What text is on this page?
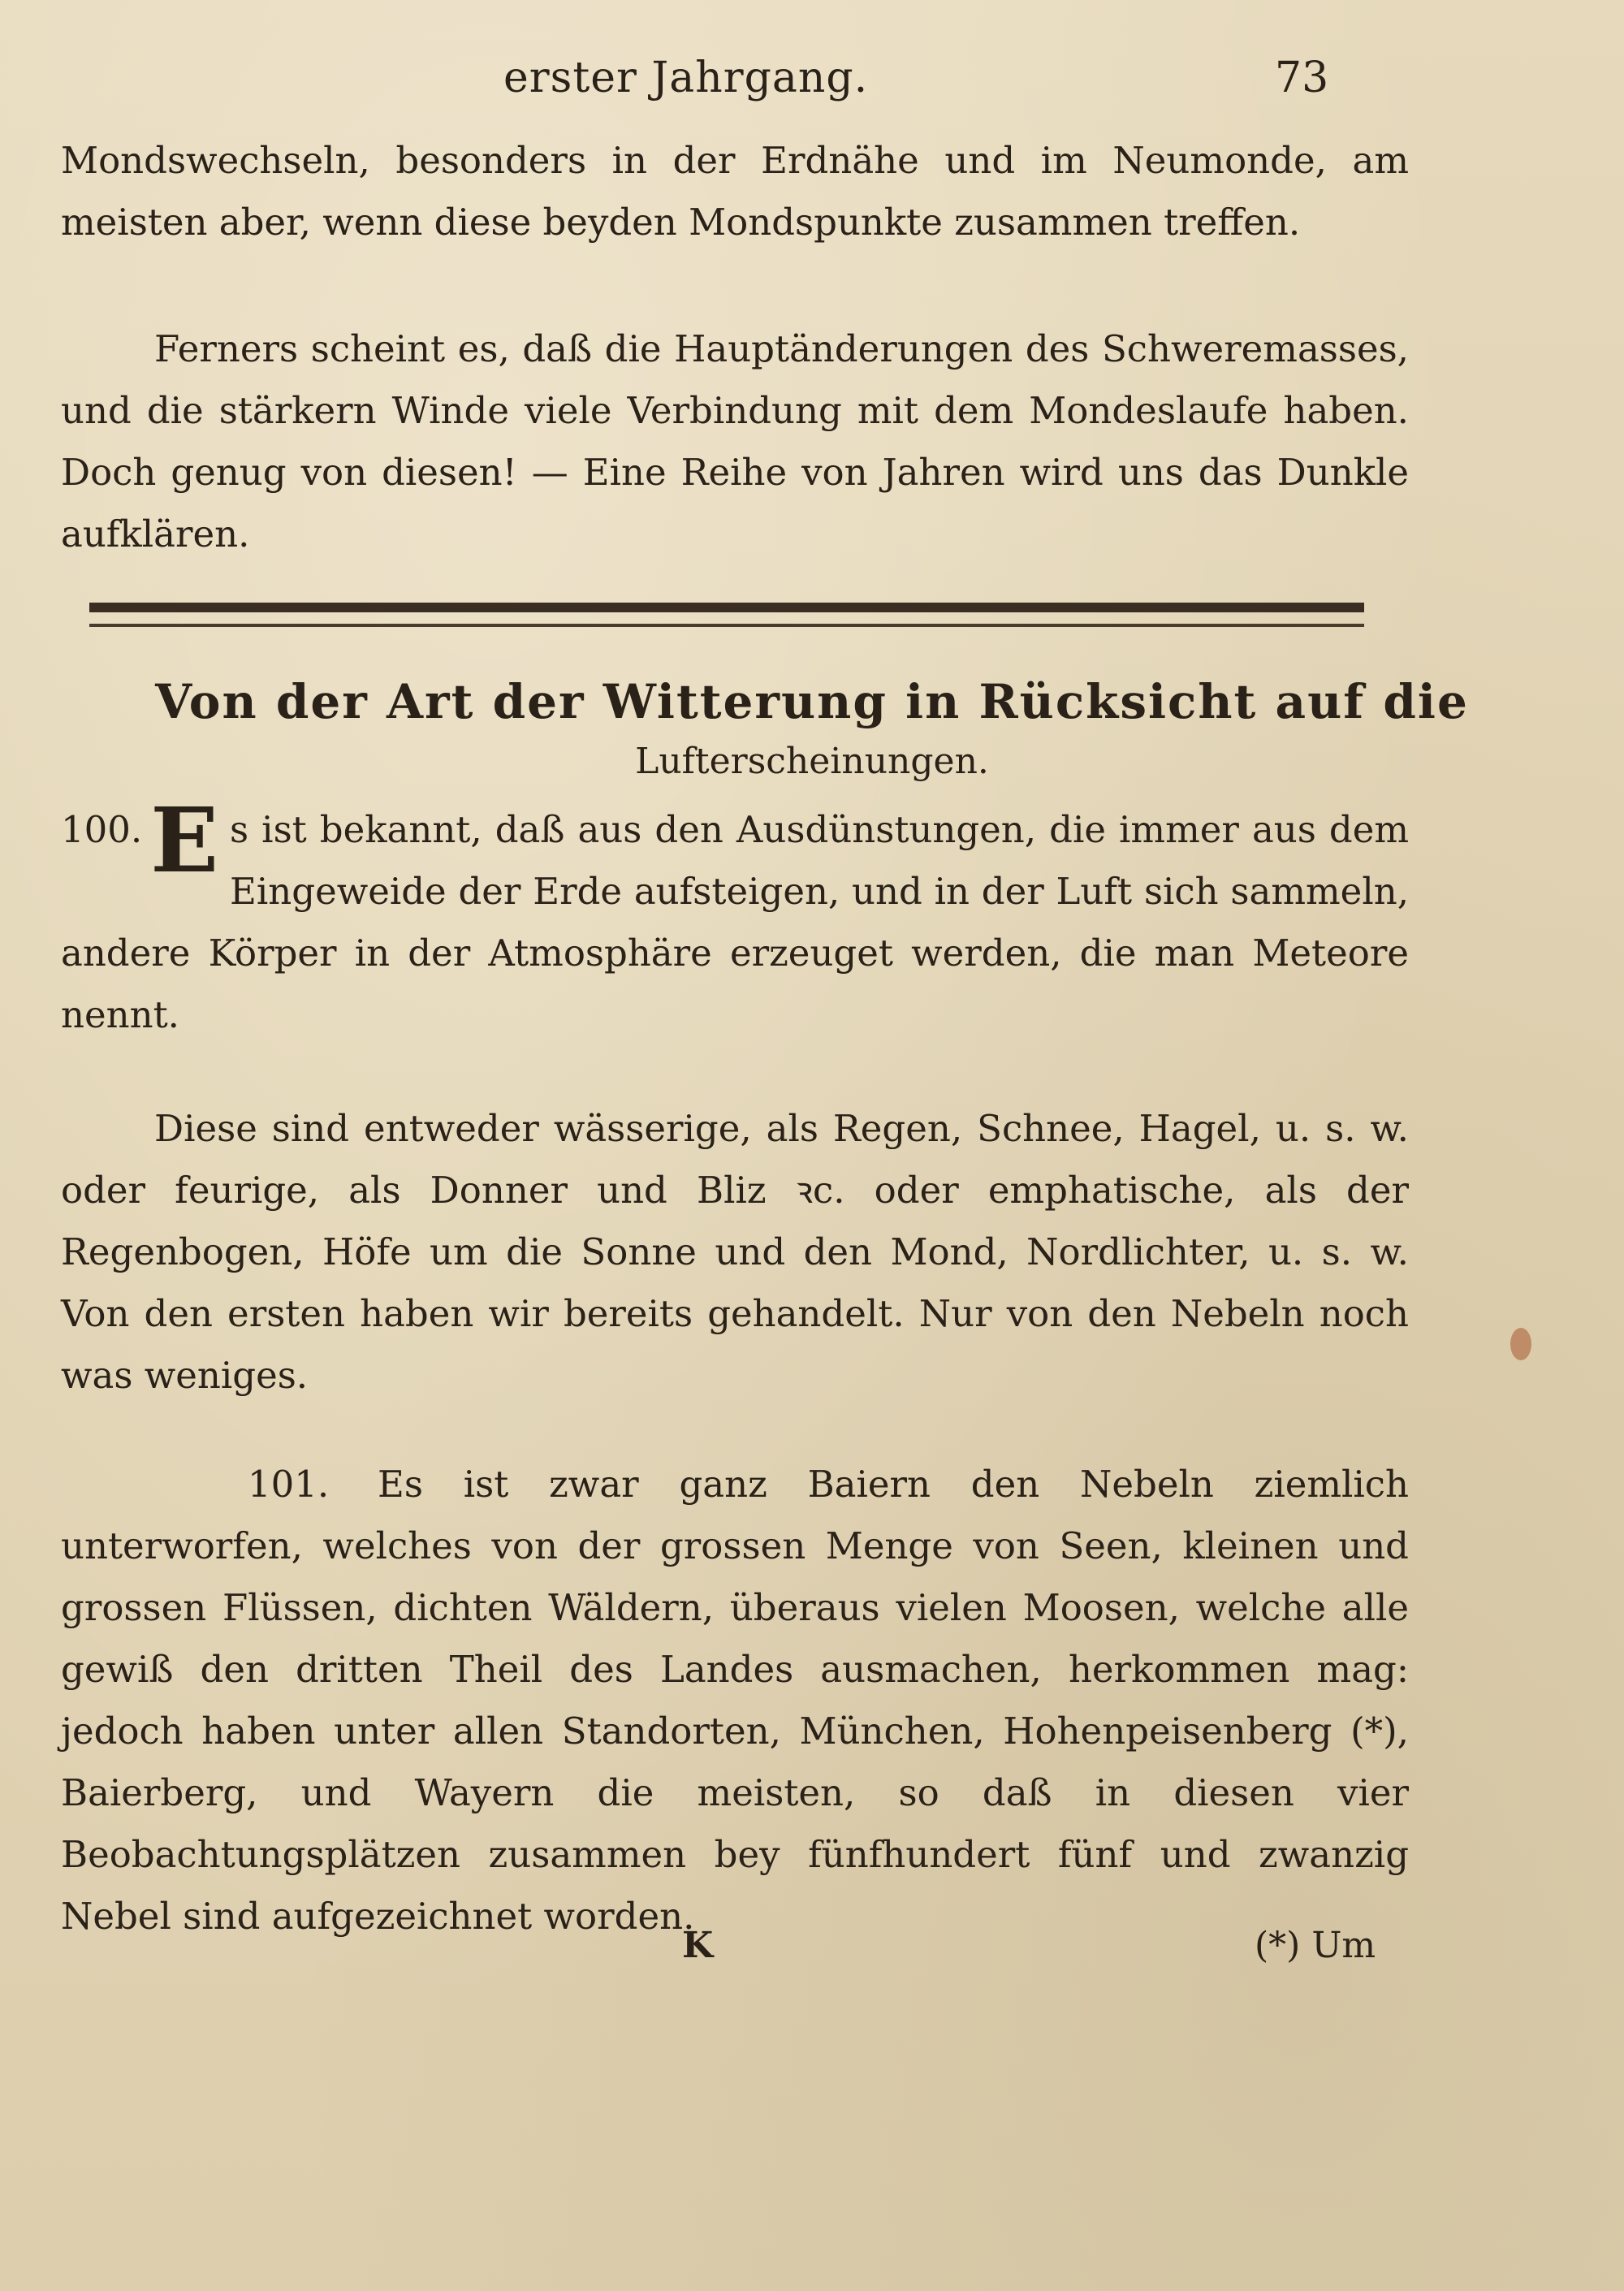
erster Jahrgang.	73

Mondswechseln, besonders in der Erdnähe und im Neumonde, am meisten aber, wenn diese beyden Mondspunkte zusammen treffen.

Ferners scheint es, daß die Hauptänderungen des Schweremasses, und die stärkern Winde viele Verbindung mit dem Mondeslaufe haben. Doch genug von diesen! — Eine Reihe von Jahren wird uns das Dunkle aufklären.

Von der Art der Witterung in Rücksicht auf die

Lufterscheinungen.

100. E s ist bekannt, daß aus den Ausdünstungen, die immer aus dem Eingeweide der Erde aufsteigen, und in der Luft sich sammeln, andere Körper in der Atmosphäre erzeuget werden, die man Meteore nennt.

Diese sind entweder wässerige, als Regen, Schnee, Hagel, u. s. w. oder feurige, als Donner und Bliz ꝛc. oder emphatische, als der Regenbogen, Höfe um die Sonne und den Mond, Nordlichter, u. s. w. Von den ersten haben wir bereits gehandelt. Nur von den Nebeln noch was weniges.

101. Es ist zwar ganz Baiern den Nebeln ziemlich unterworfen, welches von der grossen Menge von Seen, kleinen und grossen Flüssen, dichten Wäldern, überaus vielen Moosen, welche alle gewiß den dritten Theil des Landes ausmachen, herkommen mag: jedoch haben unter allen Standorten, München, Hohenpeisenberg (*), Baierberg, und Wayern die meisten, so daß in diesen vier Beobachtungsplätzen zusammen bey fünfhundert fünf und zwanzig Nebel sind aufgezeichnet worden.

K	(*) Um
